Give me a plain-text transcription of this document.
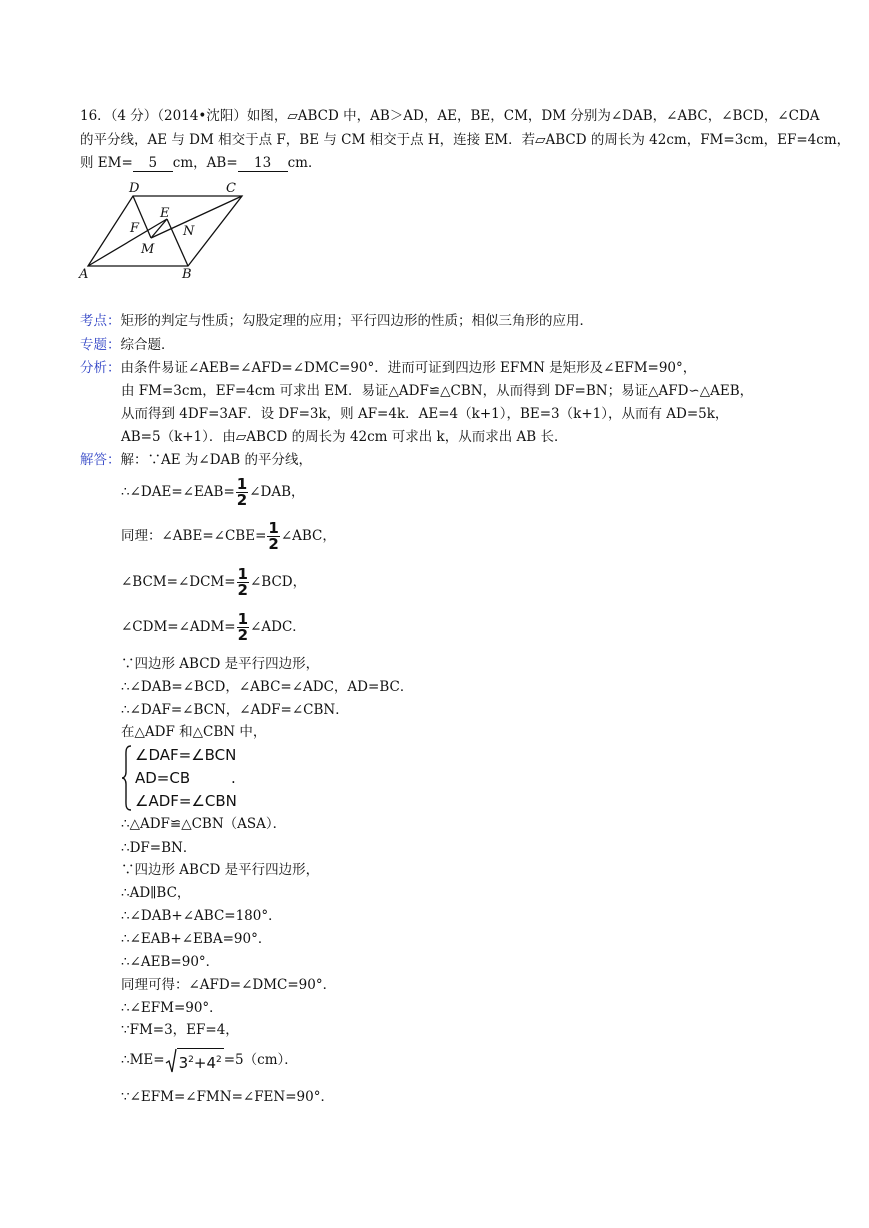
16．（4 分）（2014•沈阳）如图，▱ABCD 中，AB＞AD，AE，BE，CM，DM 分别为∠DAB，∠ABC，∠BCD，∠CDA
的平分线，AE 与 DM 相交于点 F，BE 与 CM 相交于点 H，连接 EM．若▱ABCD 的周长为 42cm，FM=3cm，EF=4cm，
则 EM= 5 cm，AB= 13 cm．
D	C
E
F	N
M
A	B
考点：矩形的判定与性质；勾股定理的应用；平行四边形的性质；相似三角形的应用．
专题：综合题．
分析：由条件易证∠AEB=∠AFD=∠DMC=90°．进而可证到四边形 EFMN 是矩形及∠EFM=90°，
由 FM=3cm，EF=4cm 可求出 EM．易证△ADF≌△CBN，从而得到 DF=BN；易证△AFD∽△AEB，
从而得到 4DF=3AF．设 DF=3k，则 AF=4k．AE=4（k+1），BE=3（k+1），从而有 AD=5k，
AB=5（k+1）．由▱ABCD 的周长为 42cm 可求出 k，从而求出 AB 长．
解答：解：∵AE 为∠DAB 的平分线，
∴∠DAE=∠EAB= $\frac{1}{2}$ ∠DAB，
同理：∠ABE=∠CBE= $\frac{1}{2}$ ∠ABC，
∠BCM=∠DCM= $\frac{1}{2}$ ∠BCD，
∠CDM=∠ADM= $\frac{1}{2}$ ∠ADC．
∵四边形 ABCD 是平行四边形，
∴∠DAB=∠BCD，∠ABC=∠ADC，AD=BC．
∴∠DAF=∠BCN，∠ADF=∠CBN．
在△ADF 和△CBN 中，
∠DAF=∠BCN
AD=CB
∠ADF=∠CBN
.
∴△ADF≌△CBN（ASA）．
∴DF=BN．
∵四边形 ABCD 是平行四边形，
∴AD∥BC，
∴∠DAB+∠ABC=180°．
∴∠EAB+∠EBA=90°．
∴∠AEB=90°．
同理可得：∠AFD=∠DMC=90°．
∴∠EFM=90°．
∵FM=3，EF=4，
∴ME= $3^2+4^2 =5(cm)$．
∵∠EFM=∠FMN=∠FEN=90°．
